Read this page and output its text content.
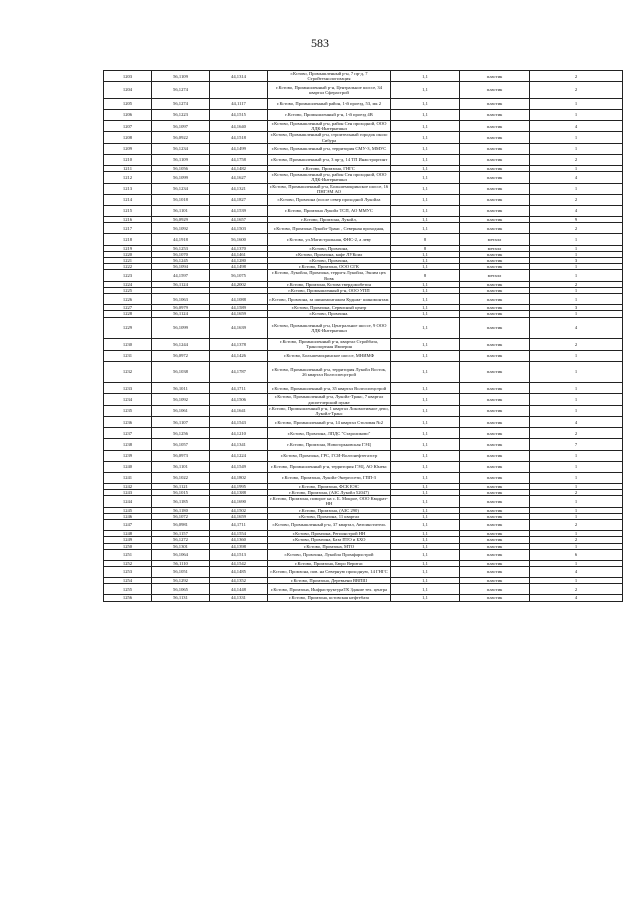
583
1203	56,1109	44,1314	г.Кстово, Промышленный р-н, 7 пр-д, 7 Стройтехнологизация	1,1	пластик	2
1204	56,1274		г.Кстово, Промышленный р-н, Центральное шоссе, 34 квартал Сферастрой	1,1	пластик	2
1205	56,1274	44,1117	г.Кстово, Промышленный район, 1-й проезд, 53, мк 2	1,1	пластик	1
1206	56,1223	44,1515	г.Кстово, Промышленный р-н, 1-й проезд 4В	1,1	пластик	1
1207	56,1097	44,1640	г.Кстово, Промышленный р-н, район Сен проходной, ООО ЛДК-Интернешнл	1,1	пластик	4
1208	56,0922	44,1518	г.Кстово, Промышленный р-н, строительный городок около Сибура	1,1	пластик	1
1209	56,1234	44,1499	г.Кстово, Промышленный р-н, территория СМУ-3, ММУС	1,1	пластик	1
1210	56,1109	44,1758	г.Кстово, Промышленный р-н, 3 пр-д, 14 ТП Инжстроргинт	1,1	пластик	2
1211	56,1056	44,1482	г.Кстово, Промзона, ГНГС	1,1	пластик	1
1212	56,1099	44,1627	г.Кстово, Промышленный р-н, район Сен проходной, ООО ЛДК-Интернешнл	1,1	пластик	4
1213	56,1234	44,1321	г.Кстово, Промышленный р-н, Большемокринское шоссе, 16 ПНГЭМ АО	1,1	пластик	1
1214	56,1018	44,1827	г.Кстово, Промзона (после север проходной Лукойла	1,1	пластик	2
1215	56,1101	44,1539	г.Кстово, Промзона Лукойл ТСП, АО ММУС	1,1	пластик	4
1216	56,0929	44,1657	г.Кстово, Промзона, Лукойл,	1,1	пластик	9
1217	56,1092	44,1503	г.Кстово, Промзона Лукойл-Транс , Северная проходная,	1,1	пластик	2
1218	44,1918	56,1600	г.Кстово, ул.Магистральная, ФНС-2, а леву	8	металл	1
1219	56,1253	44,1370	г.Кстово, Промзона,	8	металл	1
1220	56,1070	44,1461	г.Кстово, Промзона, кафе ЛУКоил	1,1	пластик	1
1221	56,1245	44,1280	г.Кстово, Промзона,	1,1	пластик	3
1222	56,1094	44,1498	г.Кстово, Промзона, ООО СГК	1,1	пластик	1
1223	44,1597	56,1075	г.Кстово, Лукойла, Промзона, терри-я Лукойла, Экоим цех Вовк	8	металл	1
1224	56,1124	44,2002	г.Кстово, Промзона, Кстова твердомобетон	1,1	пластик	2
1225			г.Кстово, Промышленный р-н, ООО УПП	1,1	пластик	1
1226	56,1063	44,1088	г.Кстово, Промзона, за шиномонтажом Кудьма- шиномонтаж	1,1	пластик	1
1227	56,0979	44,1589	г.Кстово, Промзона, Сервисный центр	1,1	пластик	3
1228	56,1124	44,1659	г.Кстово, Промзона.	1,1	пластик	1
1229	56,1099	44,1639	г.Кстово, Промышленный р-н, Центральное шоссе, 9 ООО ЛДК-Интернешнл	1,1	пластик	4
1230	56,1244	44,1378	г.Кстово, Промышленный р-н, квартал Стройбаза, Транспортная Империя	1,1	пластик	2
1231	56,0972	44,1426	г.Кстово, Большемокринское шоссе, МНИМФ	1,1	пластик	1
1232	56,1038	44,1787	г.Кстово, Промышленный р-н, территория Лукойл Восток, 26 квартал Волгоспецстрой	1,1	пластик	1
1233	56,1011	44,1711	г.Кстово, Промышленный р-н, 35 квартал Волгоспецстрой	1,1	пластик	1
1234	56,1092	44,1506	г.Кстово, Промышленный р-н, Лукойл-Транс, 7 квартал диспетчерский пункт	1,1	пластик	1
1235	56,1061	44,1641	г.Кстово, Промышленный р-н, 1 квартал Локомотивное депо, Лукойл-Транс	1,1	пластик	1
1236	56,1107	44,1543	г.Кстово, Промышленный р-н, 14 квартал Столовая №2	1,1	пластик	4
1237	56,1256	44,1210	г.Кстово, Промзона, ЛПДС "Староликово"	1,1	пластик	2
1238	56,1057	44,1341	г.Кстово, Промзона, Новогорьковская ГЭЦ	1,1	пластик	7
1239	56,0973	44,1224	г.Кстово, Промзона, ГРС, ГСИ-Волгонефтегазстр	1,1	пластик	1
1240	56,1101	44,1549	г.Кстово, Промышленный р-н, территория ГЭЦ, АО Юнекс	1,1	пластик	1
1241	56,1022	44,1802	г.Кстово, Промзона, Лукойл-Энергосети, ГПП-3	1,1	пластик	1
1242	56,1121	44,1995	г.Кстово, Промзона, ФСК ЕЭС	1,1	пластик	1
1243	56,1015	44,1388	г.Кстово, Промзона, (АЗС Лукойл 52047)	1,1	пластик	2
1244	56,1185	44,1690	г.Кстово, Промзона, поворот на с. Б. Мокрое, ООО Квадрат-НН	1,1	пластик	1
1245	56,1180	44,1502	г.Кстово, Промзона, (АЗС 290)	1,1	пластик	1
1246	56,1072	44,1659	г.Кстово, Промзона, 11 квартал	1,1	пластик	1
1247	56,0981	44,1711	г.Кстово, Промышленный р-н, 37 квартал, Автоинститель	1,1	пластик	2
1248	56,1157	44,1554	г.Кстово, Промзона, Регионстрой НН	1,1	пластик	1
1249	56,1272	44,1360	г.Кстово, Промзона, База ПТО и БХО	1,1	пластик	2
1250	56,1301	44,1398	г.Кстово, Промзона, МТО	1,1	пластик	1
1251	56,1064	44,1513	г.Кстово, Промзона, Лукойла Промфархстрой	1,1	пластик	6
1252	56,1110	44,1542	г.Кстово, Промзона, Бюро Веритас	1,1	пластик	1
1253	56,1051	44,1485	г.Кстово, Промзона, пов. на Северную проходную, 14 ГНГС	1,1	пластик	4
1254	56,1292	44,1352	г.Кстово, Промзона, Деревьени ВВПШ	1,1	пластик	1
1255	56,1065	44,1448	г.Кстово, Промзона, ИнфраструктураТК Здание тех. центра	1,1	пластик	2
1256	56,1131	44,1331	г.Кстово, Промзона, кстовская нефтебаза	1,1	пластик	4
